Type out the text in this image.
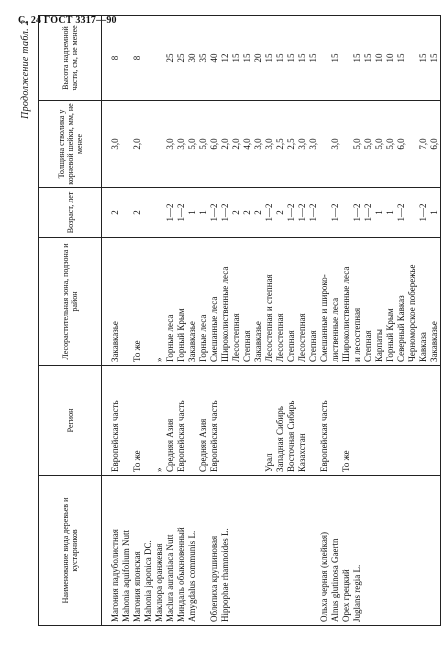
С. 24 ГОСТ 3317—90
Продолжение табл. 2
Наименование вида деревьев и кустарников	Регион	Лесорастительная зона, подзона и район	Возраст, лет	Толщина стволика у корневой шейки, мм, не менее	Высота надземной части, см, не менее

Магония падуболистная	Европейская часть	Закавказье	2	3,0	8
Mahonia aquifolium Nutt					
Магония японская	То же	То же	2	2,0	8
Mahonia japonica DC.					
Маклюра оранжевая	»	»			
Maclura aurantiaca Nutt	Средняя Азия	Горные леса	1—2	3,0	25
Миндаль обыкновенный	Европейская часть	Горный Крым	1—2	3,0	25
Amygdalus communis L.		Закавказье	1	5,0	30
	Средняя Азия	Горные леса	1	5,0	35
Облепиха крушиновая	Европейская часть	Смешанные леса	1—2	6,0	40
Hippophae rhamnoides L.		Широколиственные леса	1—2	2,0	12
		Лесостепная	2	2,0	15
		Степная	2	4,0	15
		Закавказье	2	3,0	20
	Урал	Лесостепная и степная	1—2	3,0	15
	Западная Сибирь	Лесостепная	2	2,5	15
	Восточная Сибирь	Степная	1—2	2,5	15
	Казахстан	Лесостепная	1—2	3,0	15
		Степная	1—2	3,0	15
Ольха черная (клейкая)	Европейская часть	Смешанные и широко-			
Alnus glutinosa Gaertn		лиственные леса	1—2	3,0	15
Орех грецкий	То же	Широколиственные леса			
Juglans regia L.		и лесостепная	1—2	5,0	15
		Степная	1—2	5,0	15
		Карпаты	1	5,0	10
		Горный Крым	1	5,0	10
		Северный Кавказ	1—2	6,0	15
		Черноморское побережье			
		Кавказа	1—2	7,0	15
		Закавказье	1	6,0	15
